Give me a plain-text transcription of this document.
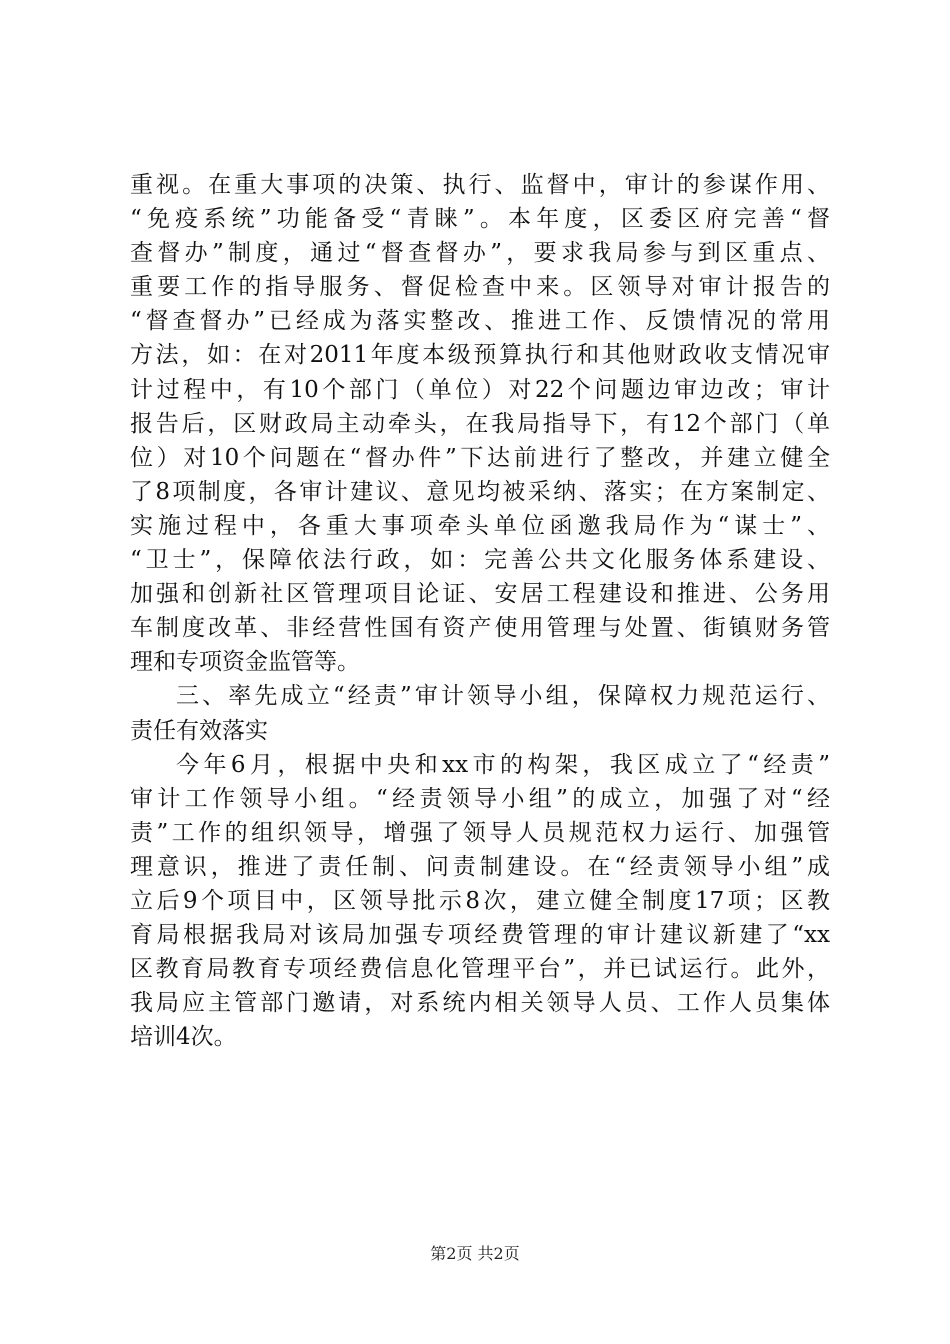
重视。在重大事项的决策、执行、监督中，审计的参谋作用、
“免疫系统”功能备受“青睐”。本年度，区委区府完善“督
查督办”制度，通过“督查督办”，要求我局参与到区重点、
重要工作的指导服务、督促检查中来。区领导对审计报告的
“督查督办”已经成为落实整改、推进工作、反馈情况的常用
方法，如：在对2011年度本级预算执行和其他财政收支情况审
计过程中，有10个部门（单位）对22个问题边审边改；审计
报告后，区财政局主动牵头，在我局指导下，有12个部门（单
位）对10个问题在“督办件”下达前进行了整改，并建立健全
了8项制度，各审计建议、意见均被采纳、落实；在方案制定、
实施过程中，各重大事项牵头单位函邀我局作为“谋士”、
“卫士”，保障依法行政，如：完善公共文化服务体系建设、
加强和创新社区管理项目论证、安居工程建设和推进、公务用
车制度改革、非经营性国有资产使用管理与处置、街镇财务管
理和专项资金监管等。
三、率先成立“经责”审计领导小组，保障权力规范运行、
责任有效落实
今年6月，根据中央和xx市的构架，我区成立了“经责”
审计工作领导小组。“经责领导小组”的成立，加强了对“经
责”工作的组织领导，增强了领导人员规范权力运行、加强管
理意识，推进了责任制、问责制建设。在“经责领导小组”成
立后9个项目中，区领导批示8次，建立健全制度17项；区教
育局根据我局对该局加强专项经费管理的审计建议新建了“xx
区教育局教育专项经费信息化管理平台”，并已试运行。此外，
我局应主管部门邀请，对系统内相关领导人员、工作人员集体
培训4次。
第2页 共2页
